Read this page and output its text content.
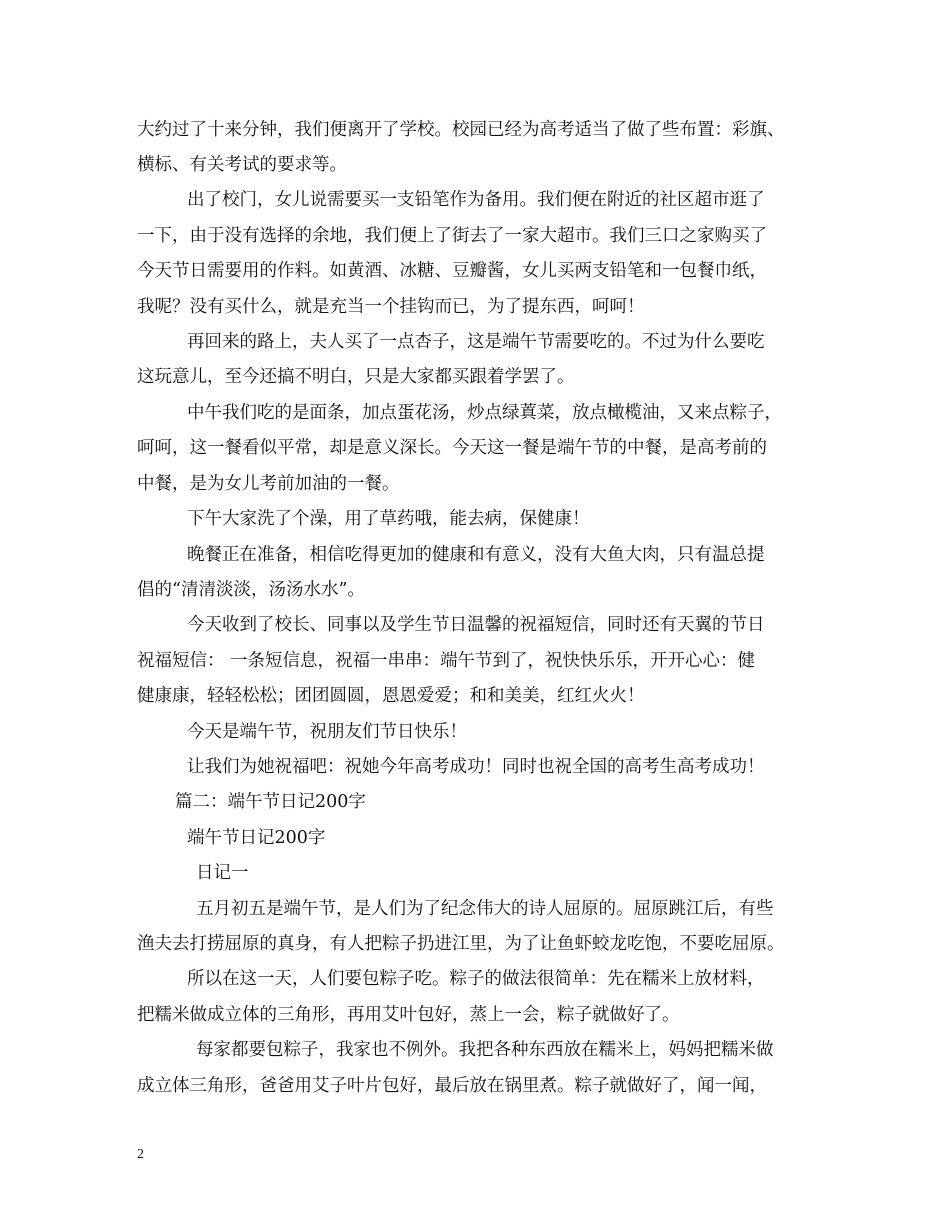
大约过了十来分钟，我们便离开了学校。校园已经为高考适当了做了些布置：彩旗、
横标、有关考试的要求等。
出了校门，女儿说需要买一支铅笔作为备用。我们便在附近的社区超市逛了
一下，由于没有选择的余地，我们便上了街去了一家大超市。我们三口之家购买了
今天节日需要用的作料。如黄酒、冰糖、豆瓣酱，女儿买两支铅笔和一包餐巾纸，
我呢？没有买什么，就是充当一个挂钩而已，为了提东西，呵呵！
再回来的路上，夫人买了一点杏子，这是端午节需要吃的。不过为什么要吃
这玩意儿，至今还搞不明白，只是大家都买跟着学罢了。
中午我们吃的是面条，加点蛋花汤，炒点绿蒖菜，放点橄榄油，又来点粽子，
呵呵，这一餐看似平常，却是意义深长。今天这一餐是端午节的中餐，是高考前的
中餐，是为女儿考前加油的一餐。
下午大家洗了个澡，用了草药哦，能去病，保健康！
晚餐正在准备，相信吃得更加的健康和有意义，没有大鱼大肉，只有温总提
倡的“清清淡淡，汤汤水水”。
今天收到了校长、同事以及学生节日温馨的祝福短信，同时还有天翼的节日
祝福短信： 一条短信息，祝福一串串：端午节到了，祝快快乐乐，开开心心：健
健康康，轻轻松松；团团圆圆，恩恩爱爱；和和美美，红红火火！
今天是端午节，祝朋友们节日快乐！
让我们为她祝福吧：祝她今年高考成功！同时也祝全国的高考生高考成功！
篇二：端午节日记200字
端午节日记200字
日记一
五月初五是端午节，是人们为了纪念伟大的诗人屈原的。屈原跳江后，有些
渔夫去打捞屈原的真身，有人把粽子扔进江里，为了让鱼虾蛟龙吃饱，不要吃屈原。
所以在这一天，人们要包粽子吃。粽子的做法很简单：先在糯米上放材料，
把糯米做成立体的三角形，再用艾叶包好，蒸上一会，粽子就做好了。
每家都要包粽子，我家也不例外。我把各种东西放在糯米上，妈妈把糯米做
成立体三角形，爸爸用艾子叶片包好，最后放在锅里煮。粽子就做好了，闻一闻，
2
